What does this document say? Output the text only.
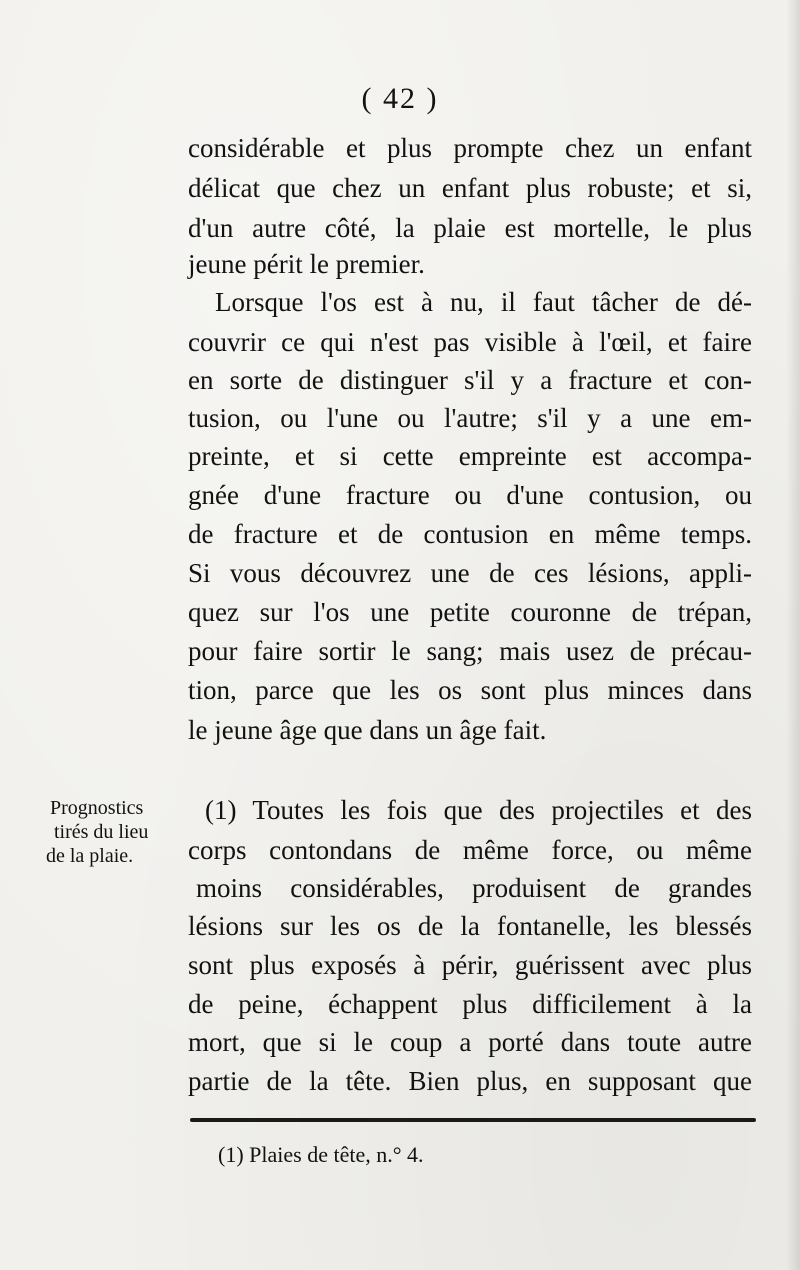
( 42 )
considérable et plus prompte chez un enfant
délicat que chez un enfant plus robuste; et si,
d'un autre côté, la plaie est mortelle, le plus
jeune périt le premier.
Lorsque l'os est à nu, il faut tâcher de dé-
couvrir ce qui n'est pas visible à l'œil, et faire
en sorte de distinguer s'il y a fracture et con-
tusion, ou l'une ou l'autre; s'il y a une em-
preinte, et si cette empreinte est accompa-
gnée d'une fracture ou d'une contusion, ou
de fracture et de contusion en même temps.
Si vous découvrez une de ces lésions, appli-
quez sur l'os une petite couronne de trépan,
pour faire sortir le sang; mais usez de précau-
tion, parce que les os sont plus minces dans
le jeune âge que dans un âge fait.
Prognostics
tirés du lieu
de la plaie.
(1) Toutes les fois que des projectiles et des
corps contondans de même force, ou même
moins considérables, produisent de grandes
lésions sur les os de la fontanelle, les blessés
sont plus exposés à périr, guérissent avec plus
de peine, échappent plus difficilement à la
mort, que si le coup a porté dans toute autre
partie de la tête. Bien plus, en supposant que
(1) Plaies de tête, n.° 4.
